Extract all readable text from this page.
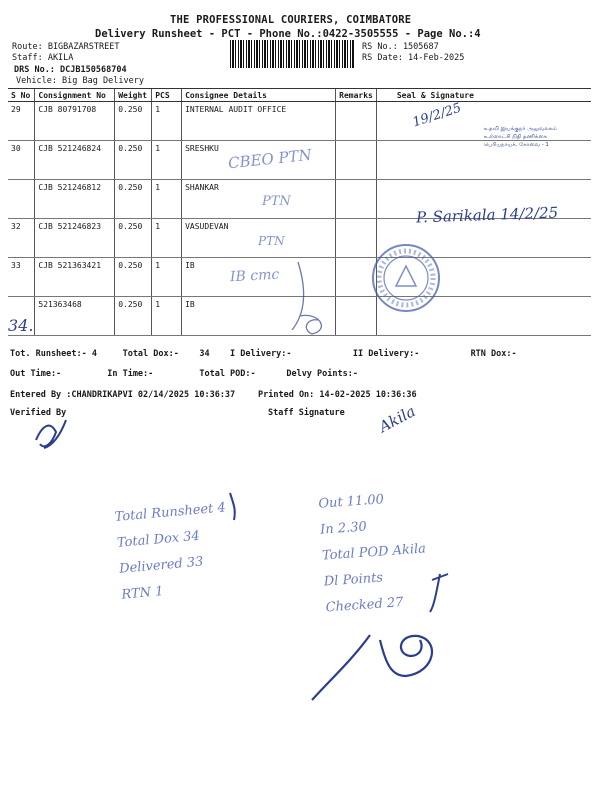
THE PROFESSIONAL COURIERS, COIMBATORE
Delivery Runsheet - PCT - Phone No.:0422-3505555 - Page No.:4
Route: BIGBAZARSTREET
Staff: AKILA
DRS No.: DCJB150568704
Vehicle: Big Bag Delivery
RS No.: 1505687
RS Date: 14-Feb-2025
S No	Consignment No	Weight	PCS	Consignee Details	Remarks	Seal & Signature
29	CJB 80791708	0.250	1	INTERNAL AUDIT OFFICE		
30	CJB 521246824	0.250	1	SRESHKU		
	CJB 521246812	0.250	1	SHANKAR		
32	CJB 521246823	0.250	1	VASUDEVAN		
33	CJB 521363421	0.250	1	IB		
	521363468	0.250	1	IB		
Tot. Runsheet:- 4     Total Dox:-    34    I Delivery:-            II Delivery:-          RTN Dox:-
Out Time:-         In Time:-         Total POD:-      Delvy Points:-
Entered By :CHANDRIKAPVI 02/14/2025 10:36:37	Printed On: 14-02-2025 10:36:36
Verified By	Staff Signature
19/2/25	உதவி இயக்குநர் அலுவலகம்
உள்ளாட்சி நிதி தணிக்கை
பெரியநாயக். கோவை - 1
CBEO PTN
PTN
P. Sarikala 14/2/25
PTN
IB cmc
34.
Akila
Total Runsheet 4
Total Dox 34
Delivered 33
RTN 1
Out 11.00
In 2.30
Total POD Akila
Dl Points
Checked 27
